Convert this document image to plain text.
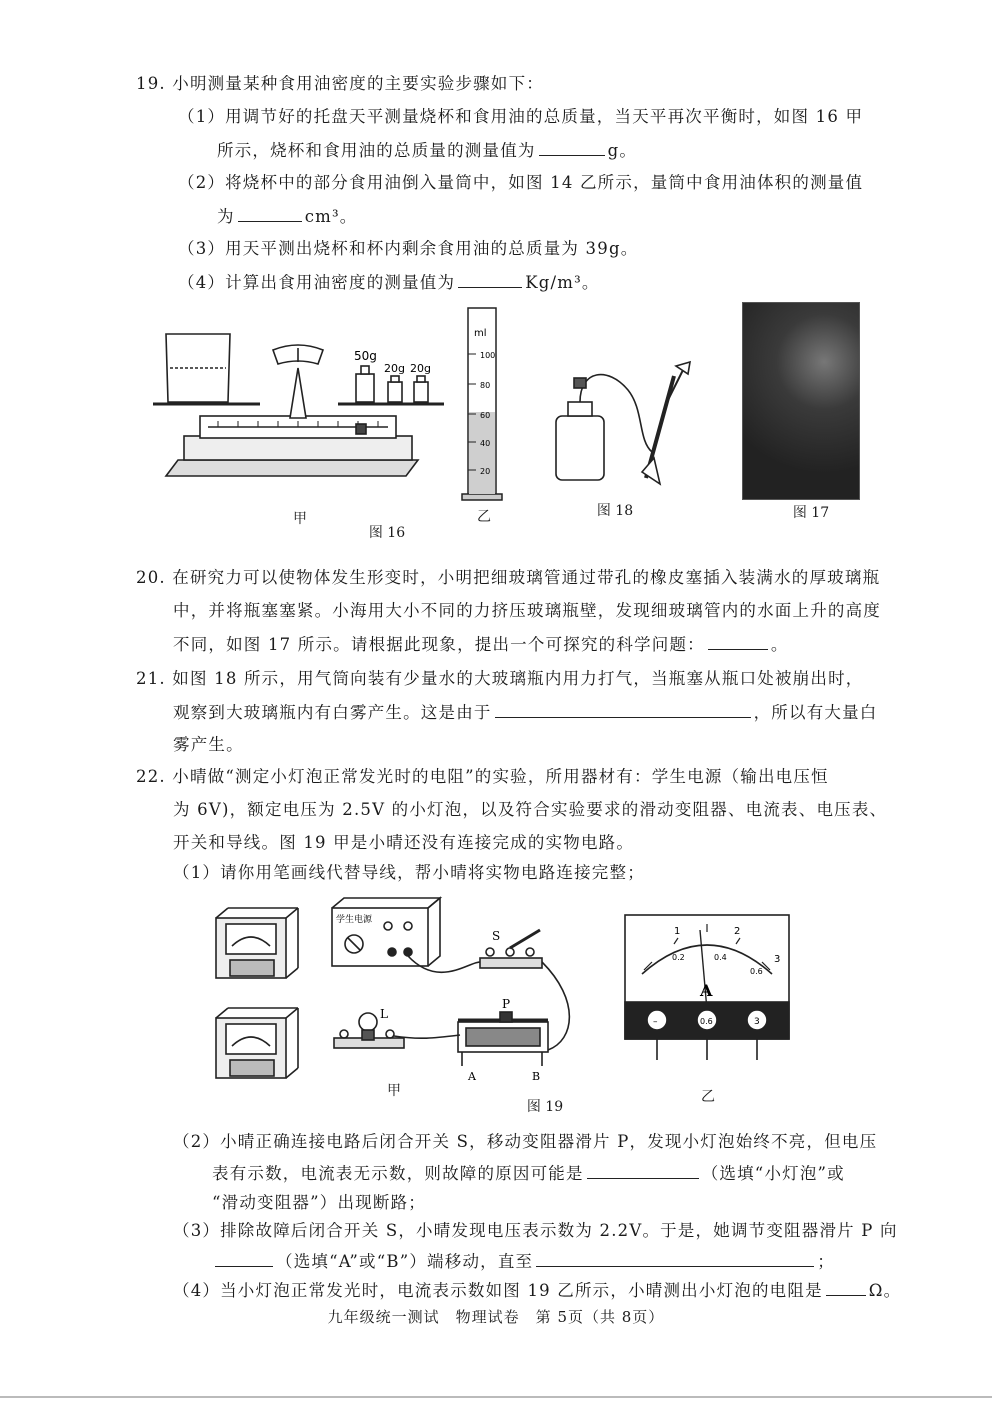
19. 小明测量某种食用油密度的主要实验步骤如下：
（1）用调节好的托盘天平测量烧杯和食用油的总质量，当天平再次平衡时，如图 16 甲
所示，烧杯和食用油的总质量的测量值为	g。
（2）将烧杯中的部分食用油倒入量筒中，如图 14 乙所示，量筒中食用油体积的测量值
为	cm³。
（3）用天平测出烧杯和杯内剩余食用油的总质量为 39g。
（4）计算出食用油密度的测量值为	Kg/m³。
50g
20g 20g
ml
100
80
60
40
20
甲	乙
图 16
图 18	图 17
20. 在研究力可以使物体发生形变时，小明把细玻璃管通过带孔的橡皮塞插入装满水的厚玻璃瓶
中，并将瓶塞塞紧。小海用大小不同的力挤压玻璃瓶壁，发现细玻璃管内的水面上升的高度
不同，如图 17 所示。请根据此现象，提出一个可探究的科学问题：	。
21. 如图 18 所示，用气筒向装有少量水的大玻璃瓶内用力打气，当瓶塞从瓶口处被崩出时，
观察到大玻璃瓶内有白雾产生。这是由于	，所以有大量白
雾产生。
22. 小晴做“测定小灯泡正常发光时的电阻”的实验，所用器材有：学生电源（输出电压恒
为 6V)，额定电压为 2.5V 的小灯泡，以及符合实验要求的滑动变阻器、电流表、电压表、
开关和导线。图 19 甲是小晴还没有连接完成的实物电路。
（1）请你用笔画线代替导线，帮小晴将实物电路连接完整；
学生电源
S
P
L
A	B
1	2
3
0.2	0.4
0.6
A
–	0.6	3
甲
图 19
乙
（2）小晴正确连接电路后闭合开关 S，移动变阻器滑片 P，发现小灯泡始终不亮，但电压
表有示数，电流表无示数，则故障的原因可能是	（选填“小灯泡”或
“滑动变阻器”）出现断路；
（3）排除故障后闭合开关 S，小晴发现电压表示数为 2.2V。于是，她调节变阻器滑片 P 向
（选填“A”或“B”）端移动，直至	；
（4）当小灯泡正常发光时，电流表示数如图 19 乙所示，小晴测出小灯泡的电阻是	Ω。
九年级统一测试　物理试卷　第 5页（共 8页）
